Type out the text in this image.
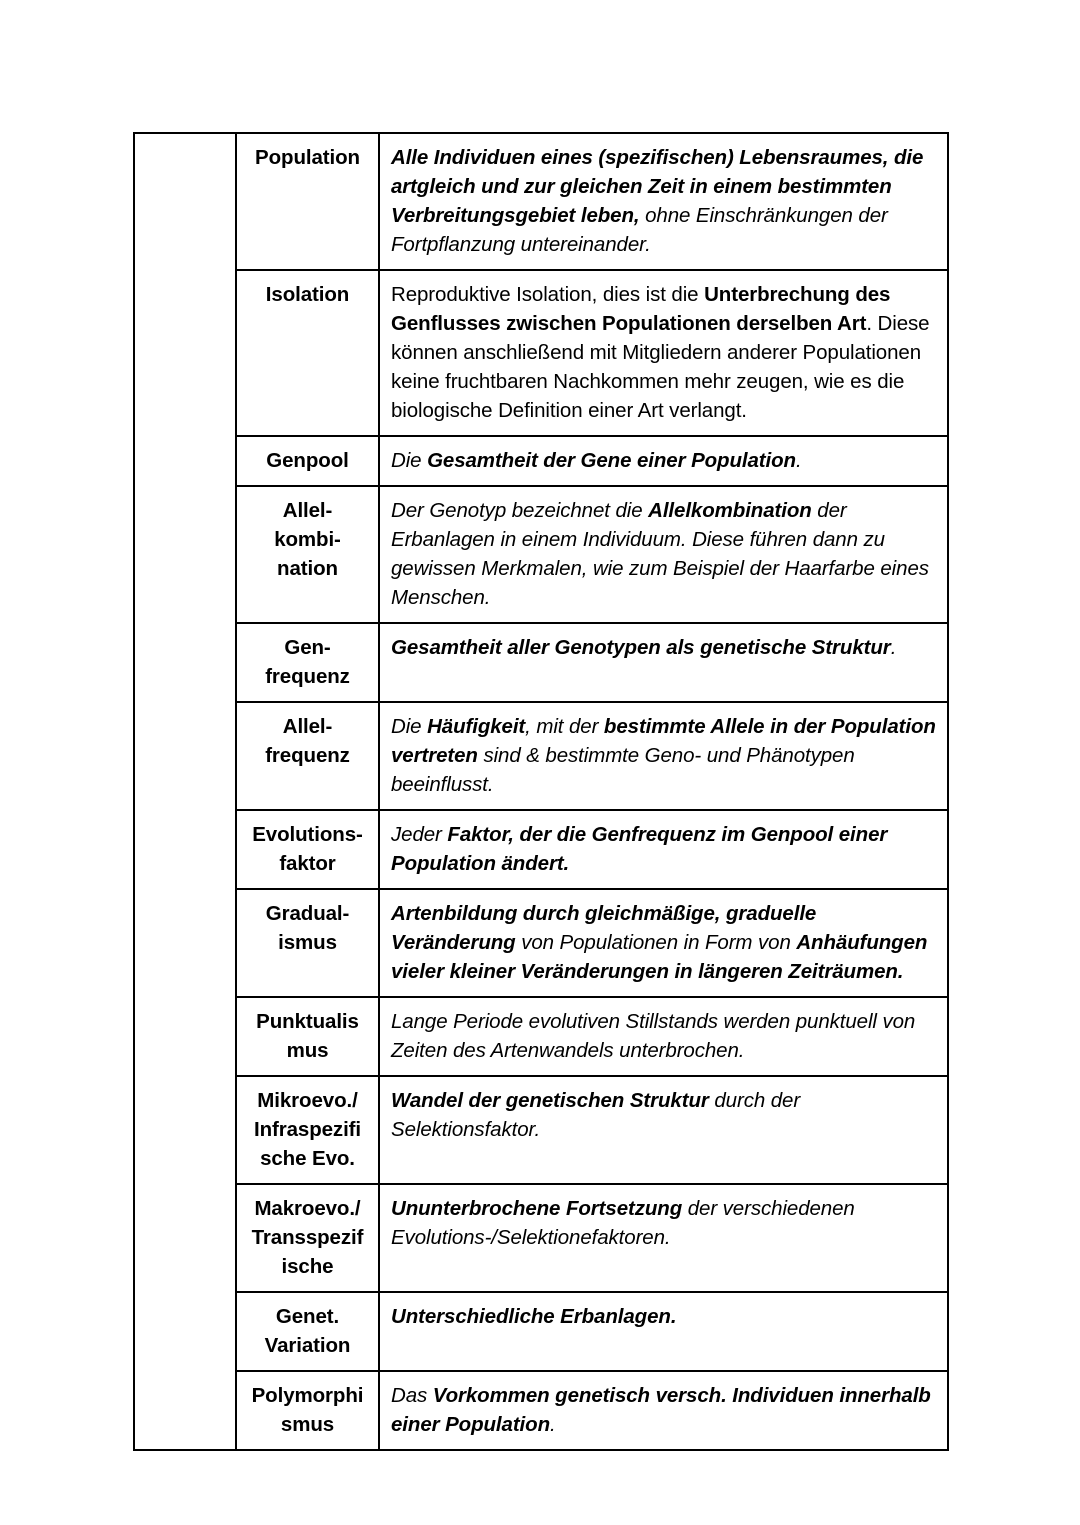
	Population	Alle Individuen eines (spezifischen) Lebensraumes, die artgleich und zur gleichen Zeit in einem bestimmten Verbreitungsgebiet leben, ohne Einschränkungen der Fortpflanzung untereinander.

	Isolation	Reproduktive Isolation, dies ist die Unterbrechung des Genflusses zwischen Populationen derselben Art. Diese können anschließend mit Mitgliedern anderer Populationen keine fruchtbaren Nachkommen mehr zeugen, wie es die biologische Definition einer Art verlangt.

	Genpool	Die Gesamtheit der Gene einer Population.

	Allel-
kombi-
nation	Der Genotyp bezeichnet die Allelkombination der Erbanlagen in einem Individuum. Diese führen dann zu gewissen Merkmalen, wie zum Beispiel der Haarfarbe eines Menschen.

	Gen-
frequenz	Gesamtheit aller Genotypen als genetische Struktur.

	Allel-
frequenz	Die Häufigkeit, mit der bestimmte Allele in der Population vertreten sind & bestimmte Geno- und Phänotypen beeinflusst.

	Evolutions-
faktor	Jeder Faktor, der die Genfrequenz im Genpool einer Population ändert.

	Gradual-
ismus	Artenbildung durch gleichmäßige, graduelle Veränderung von Populationen in Form von Anhäufungen vieler kleiner Veränderungen in längeren Zeiträumen.

	Punktualis
mus	Lange Periode evolutiven Stillstands werden punktuell von Zeiten des Artenwandels unterbrochen.

	Mikroevo./
Infraspezifi
sche Evo.	Wandel der genetischen Struktur durch der Selektionsfaktor.

	Makroevo./
Transspezif
ische	Ununterbrochene Fortsetzung der verschiedenen Evolutions-/Selektionefaktoren.

	Genet.
Variation	Unterschiedliche Erbanlagen.

	Polymorphi
smus	Das Vorkommen genetisch versch. Individuen innerhalb einer Population.
